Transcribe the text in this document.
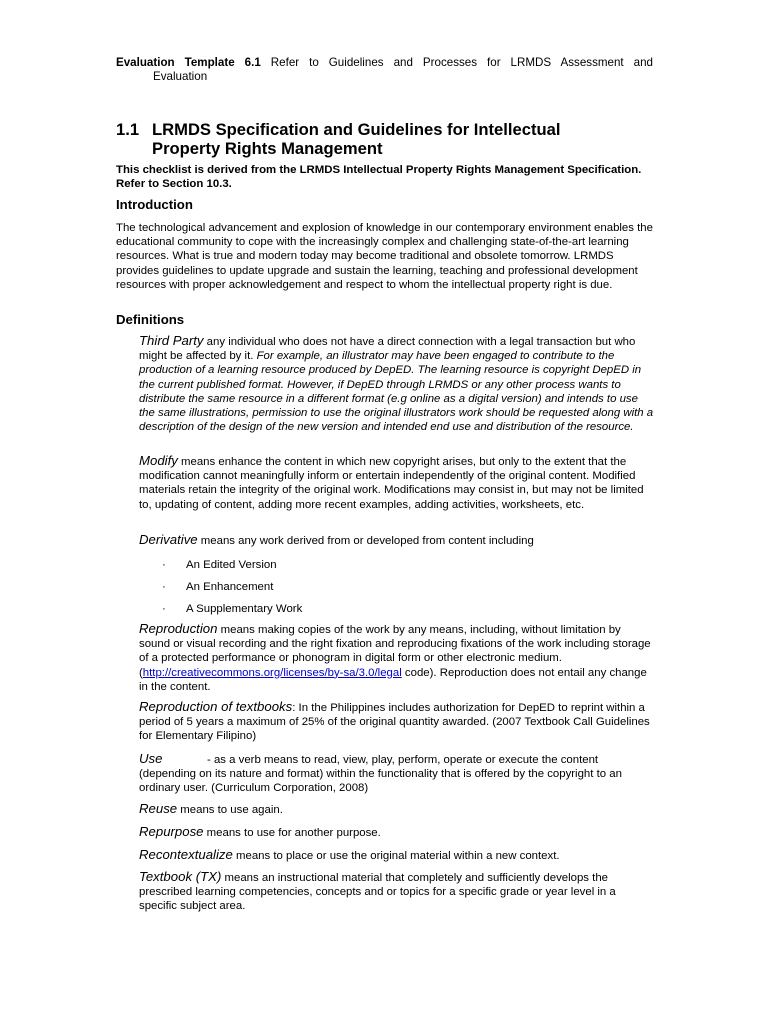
Evaluation Template 6.1 Refer to Guidelines and Processes for LRMDS Assessment and
Evaluation
1.1 LRMDS Specification and Guidelines for Intellectual
Property Rights Management
This checklist is derived from the LRMDS Intellectual Property Rights Management Specification. Refer to Section 10.3.
Introduction
The technological advancement and explosion of knowledge in our contemporary environment enables the educational community to cope with the increasingly complex and challenging state-of-the-art learning resources. What is true and modern today may become traditional and obsolete tomorrow. LRMDS provides guidelines to update upgrade and sustain the learning, teaching and professional development resources with proper acknowledgement and respect to whom the intellectual property right is due.
Definitions
Third Party any individual who does not have a direct connection with a legal transaction but who might be affected by it. For example, an illustrator may have been engaged to contribute to the production of a learning resource produced by DepED. The learning resource is copyright DepED in the current published format. However, if DepED through LRMDS or any other process wants to distribute the same resource in a different format (e.g online as a digital version) and intends to use the same illustrations, permission to use the original illustrators work should be requested along with a description of the design of the new version and intended end use and distribution of the resource.
Modify means enhance the content in which new copyright arises, but only to the extent that the modification cannot meaningfully inform or entertain independently of the original content. Modified materials retain the integrity of the original work. Modifications may consist in, but may not be limited to, updating of content, adding more recent examples, adding activities, worksheets, etc.
Derivative means any work derived from or developed from content including
· An Edited Version
· An Enhancement
· A Supplementary Work
Reproduction means making copies of the work by any means, including, without limitation by sound or visual recording and the right fixation and reproducing fixations of the work including storage of a protected performance or phonogram in digital form or other electronic medium. (http://creativecommons.org/licenses/by-sa/3.0/legal code). Reproduction does not entail any change in the content.
Reproduction of textbooks: In the Philippines includes authorization for DepED to reprint within a period of 5 years a maximum of 25% of the original quantity awarded. (2007 Textbook Call Guidelines for Elementary Filipino)
Use	- as a verb means to read, view, play, perform, operate or execute the content (depending on its nature and format) within the functionality that is offered by the copyright to an ordinary user. (Curriculum Corporation, 2008)
Reuse means to use again.
Repurpose means to use for another purpose.
Recontextualize means to place or use the original material within a new context.
Textbook (TX) means an instructional material that completely and sufficiently develops the prescribed learning competencies, concepts and or topics for a specific grade or year level in a specific subject area.
